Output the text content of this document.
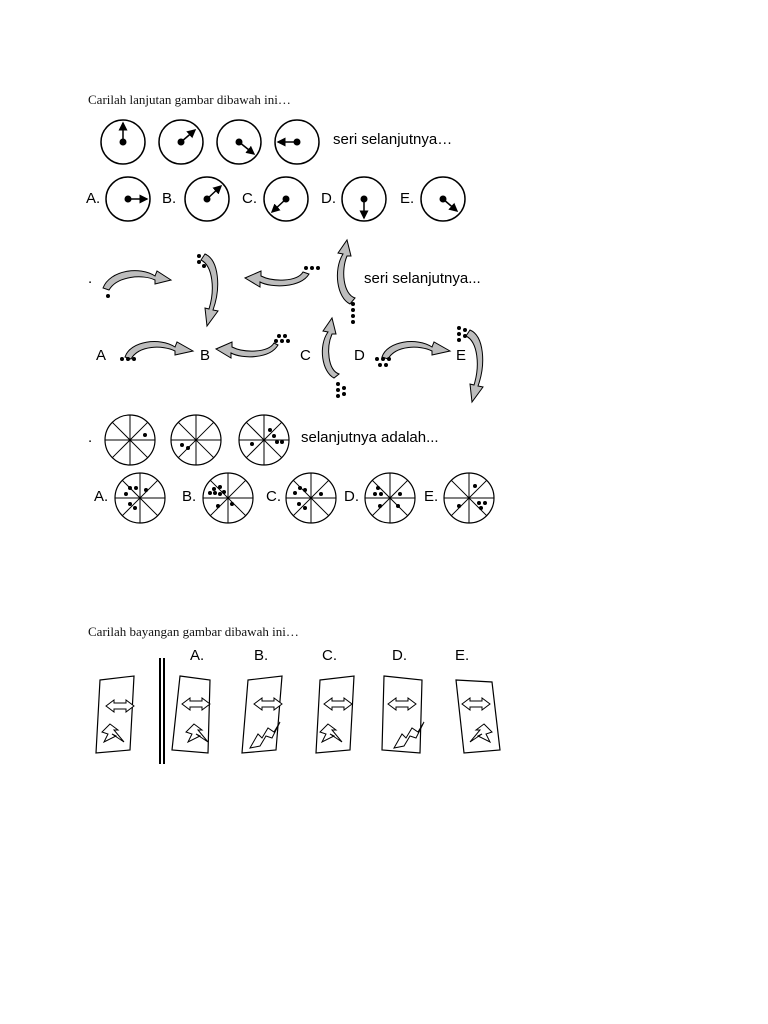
Carilah lanjutan gambar dibawah ini…
seri selanjutnya…
A.	B.	C.	D.	E.
.	seri selanjutnya...
A	B	C	D	E
.	selanjutnya adalah...
A.	B.	C.	D.	E.
Carilah bayangan gambar dibawah ini…
A.	B.	C.	D.	E.
